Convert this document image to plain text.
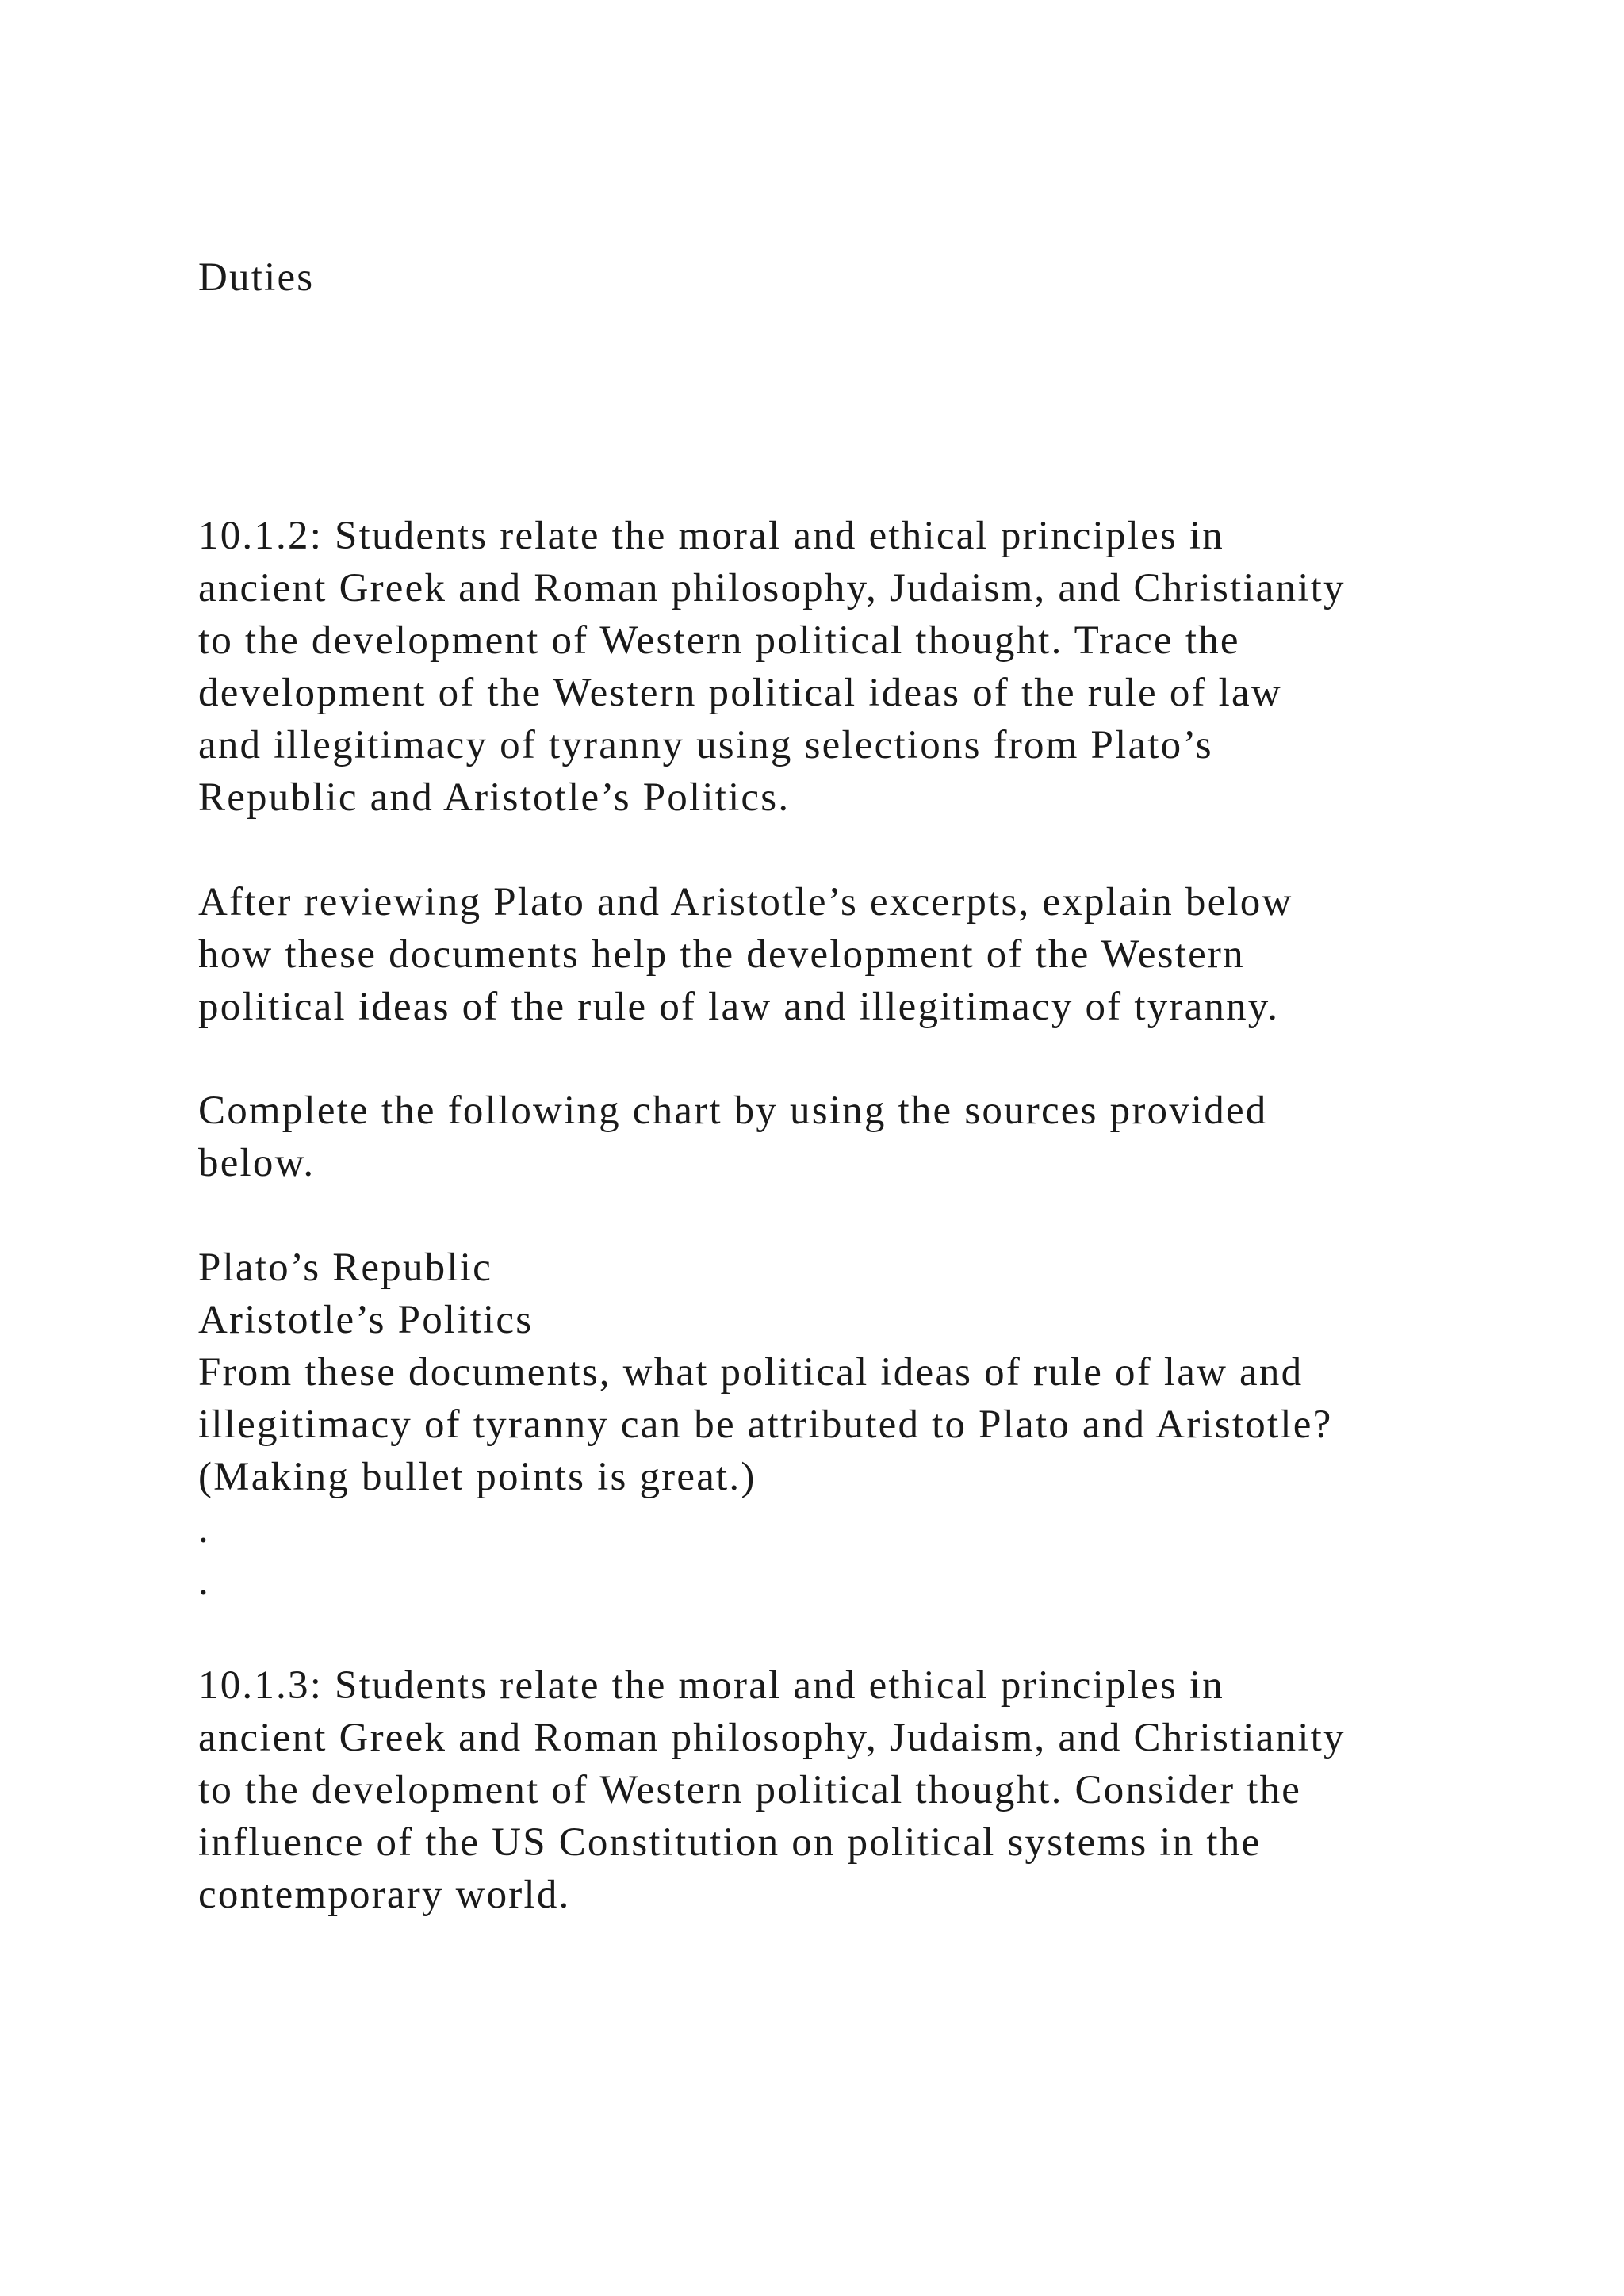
Duties

10.1.2: Students relate the moral and ethical principles in

ancient Greek and Roman philosophy, Judaism, and Christianity

to the development of Western political thought. Trace the

development of the Western political ideas of the rule of law

and illegitimacy of tyranny using selections from Plato’s

Republic and Aristotle’s Politics.

After reviewing Plato and Aristotle’s excerpts, explain below

how these documents help the development of the Western

political ideas of the rule of law and illegitimacy of tyranny.

Complete the following chart by using the sources provided

below.

Plato’s Republic

Aristotle’s Politics

From these documents, what political ideas of rule of law and

illegitimacy of tyranny can be attributed to Plato and Aristotle?

(Making bullet points is great.)

.

.

10.1.3: Students relate the moral and ethical principles in

ancient Greek and Roman philosophy, Judaism, and Christianity

to the development of Western political thought. Consider the

influence of the US Constitution on political systems in the

contemporary world.
